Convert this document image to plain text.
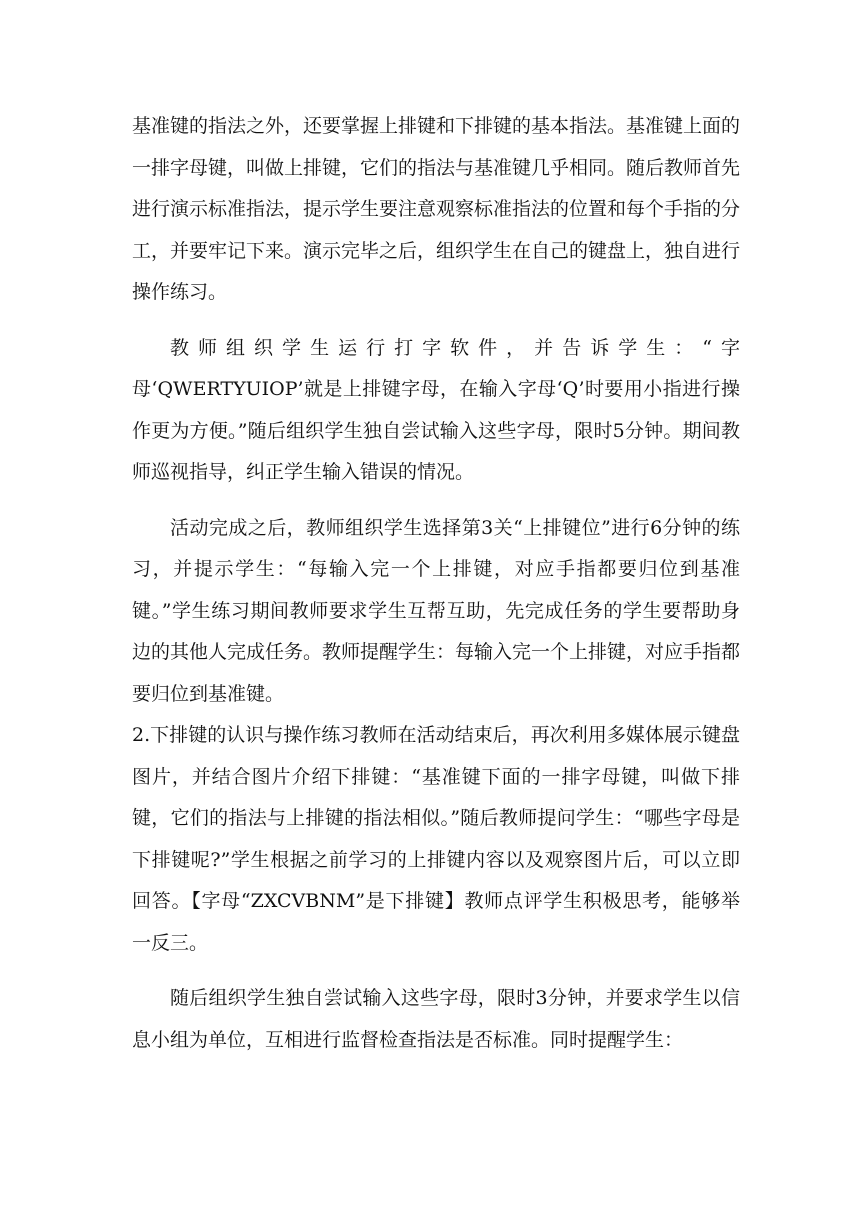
基准键的指法之外，还要掌握上排键和下排键的基本指法。基准键上面的一排字母键，叫做上排键，它们的指法与基准键几乎相同。随后教师首先进行演示标准指法，提示学生要注意观察标准指法的位置和每个手指的分工，并要牢记下来。演示完毕之后，组织学生在自己的键盘上，独自进行操作练习。

教师组织学生运行打字软件，并告诉学生：“字母‘QWERTYUIOP’就是上排键字母，在输入字母‘Q’时要用小指进行操作更为方便。”随后组织学生独自尝试输入这些字母，限时5分钟。期间教师巡视指导，纠正学生输入错误的情况。

活动完成之后，教师组织学生选择第3关“上排键位”进行6分钟的练习，并提示学生：“每输入完一个上排键，对应手指都要归位到基准键。”学生练习期间教师要求学生互帮互助，先完成任务的学生要帮助身边的其他人完成任务。教师提醒学生：每输入完一个上排键，对应手指都要归位到基准键。

2.下排键的认识与操作练习教师在活动结束后，再次利用多媒体展示键盘图片，并结合图片介绍下排键：“基准键下面的一排字母键，叫做下排键，它们的指法与上排键的指法相似。”随后教师提问学生：“哪些字母是下排键呢?”学生根据之前学习的上排键内容以及观察图片后，可以立即回答。【字母“ZXCVBNM”是下排键】教师点评学生积极思考，能够举一反三。

随后组织学生独自尝试输入这些字母，限时3分钟，并要求学生以信息小组为单位，互相进行监督检查指法是否标准。同时提醒学生：
